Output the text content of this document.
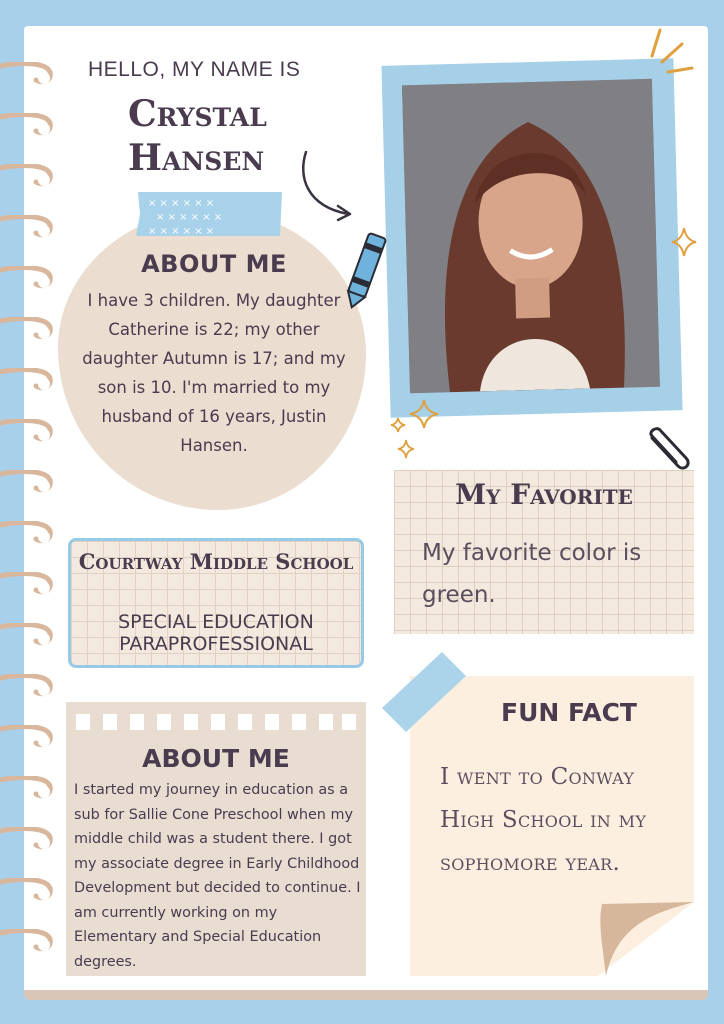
HELLO, MY NAME IS
Crystal
Hansen
× × × × × ×
× × × × × ×
× × × × × ×
ABOUT ME
I have 3 children. My daughter Catherine is 22; my other daughter Autumn is 17; and my son is 10. I'm married to my husband of 16 years, Justin Hansen.
My Favorite
My favorite color is green.
Courtway Middle School
SPECIAL EDUCATION PARAPROFESSIONAL
ABOUT ME
I started my journey in education as a sub for Sallie Cone Preschool when my middle child was a student there. I got my associate degree in Early Childhood Development but decided to continue. I am currently working on my Elementary and Special Education degrees.
FUN FACT
I went to Conway High School in my sophomore year.
